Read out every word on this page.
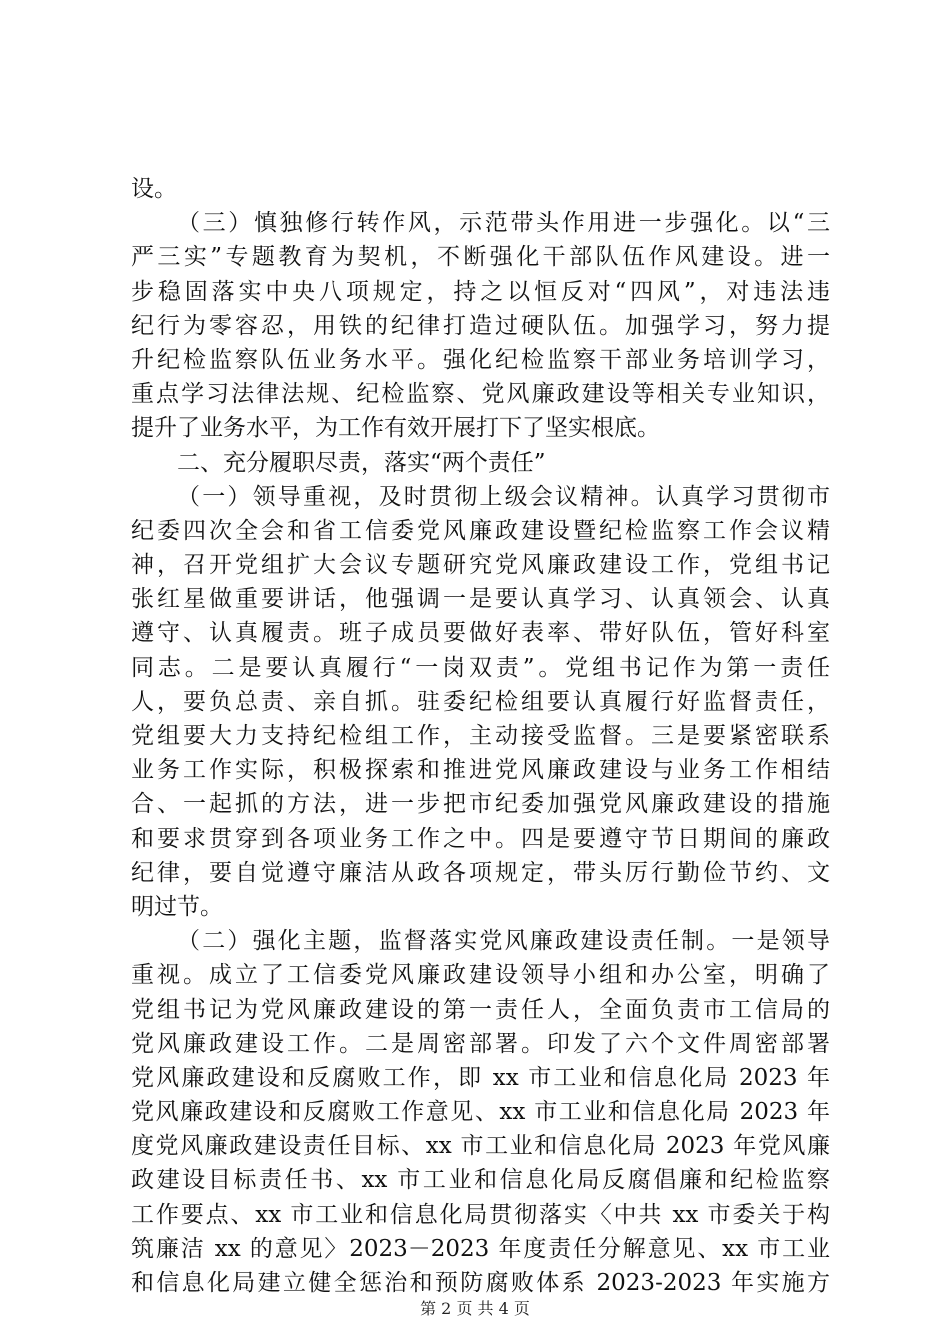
设。
（三）慎独修行转作风，示范带头作用进一步强化。以“三
严三实”专题教育为契机，不断强化干部队伍作风建设。进一
步稳固落实中央八项规定，持之以恒反对“四风”，对违法违
纪行为零容忍，用铁的纪律打造过硬队伍。加强学习，努力提
升纪检监察队伍业务水平。强化纪检监察干部业务培训学习，
重点学习法律法规、纪检监察、党风廉政建设等相关专业知识，
提升了业务水平，为工作有效开展打下了坚实根底。
二、充分履职尽责，落实“两个责任”
（一）领导重视，及时贯彻上级会议精神。认真学习贯彻市
纪委四次全会和省工信委党风廉政建设暨纪检监察工作会议精
神，召开党组扩大会议专题研究党风廉政建设工作，党组书记
张红星做重要讲话，他强调一是要认真学习、认真领会、认真
遵守、认真履责。班子成员要做好表率、带好队伍，管好科室
同志。二是要认真履行“一岗双责”。党组书记作为第一责任
人，要负总责、亲自抓。驻委纪检组要认真履行好监督责任，
党组要大力支持纪检组工作，主动接受监督。三是要紧密联系
业务工作实际，积极探索和推进党风廉政建设与业务工作相结
合、一起抓的方法，进一步把市纪委加强党风廉政建设的措施
和要求贯穿到各项业务工作之中。四是要遵守节日期间的廉政
纪律，要自觉遵守廉洁从政各项规定，带头厉行勤俭节约、文
明过节。
（二）强化主题，监督落实党风廉政建设责任制。一是领导
重视。成立了工信委党风廉政建设领导小组和办公室，明确了
党组书记为党风廉政建设的第一责任人，全面负责市工信局的
党风廉政建设工作。二是周密部署。印发了六个文件周密部署
党风廉政建设和反腐败工作，即 xx 市工业和信息化局 2023 年
党风廉政建设和反腐败工作意见、xx 市工业和信息化局 2023 年
度党风廉政建设责任目标、xx 市工业和信息化局 2023 年党风廉
政建设目标责任书、xx 市工业和信息化局反腐倡廉和纪检监察
工作要点、xx 市工业和信息化局贯彻落实〈中共 xx 市委关于构
筑廉洁 xx 的意见〉2023－2023 年度责任分解意见、xx 市工业
和信息化局建立健全惩治和预防腐败体系 2023-2023 年实施方
第 2 页 共 4 页
